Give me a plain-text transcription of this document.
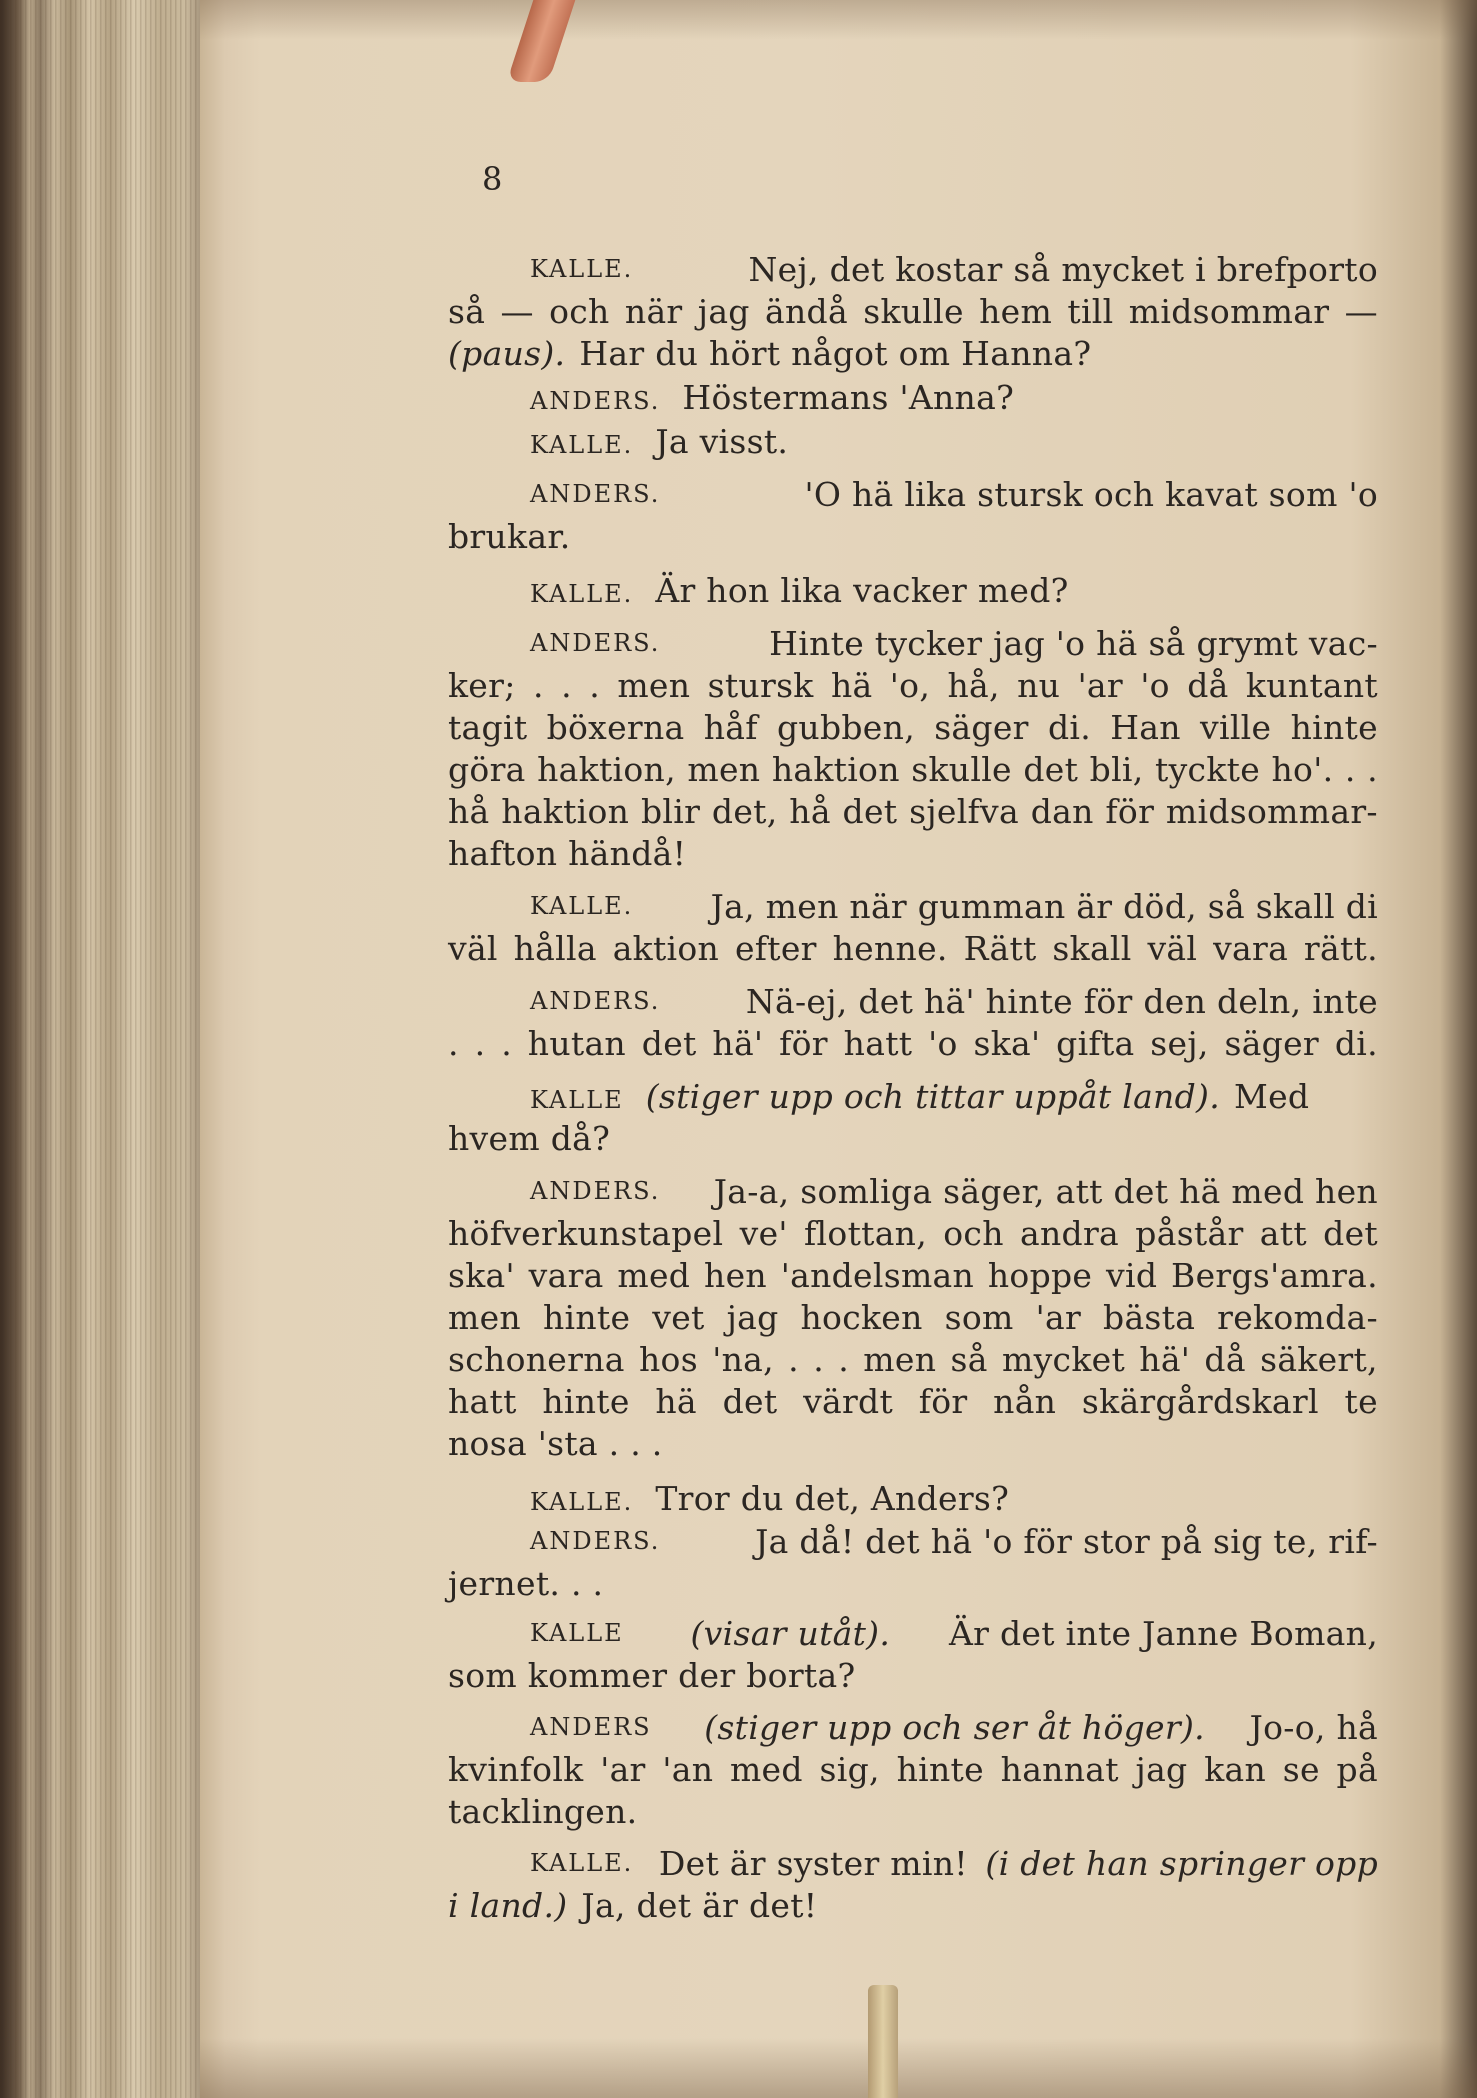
8
KALLE.	Nej, det kostar så mycket i brefporto
så — och när jag ändå skulle hem till midsommar —
(paus). Har du hört något om Hanna?
ANDERS. Höstermans 'Anna?
KALLE. Ja visst.
ANDERS.	'O hä lika stursk och kavat som 'o
brukar.
KALLE. Är hon lika vacker med?
ANDERS.	Hinte tycker jag 'o hä så grymt vac-
ker; . . . men stursk hä 'o, hå, nu 'ar 'o då kuntant
tagit böxerna håf gubben, säger di. Han ville hinte
göra haktion, men haktion skulle det bli, tyckte ho'. . .
hå haktion blir det, hå det sjelfva dan för midsommar-
hafton händå!
KALLE. Ja, men när gumman är död, så skall di
väl hålla aktion efter henne. Rätt skall väl vara rätt.
ANDERS.	Nä-ej, det hä' hinte för den deln, inte
. . . hutan det hä' för hatt 'o ska' gifta sej, säger di.
KALLE (stiger upp och tittar uppåt land). Med
hvem då?
ANDERS. Ja-a, somliga säger, att det hä med hen
höfverkunstapel ve' flottan, och andra påstår att det
ska' vara med hen 'andelsman hoppe vid Bergs'amra.
men hinte vet jag hocken som 'ar bästa rekomda-
schonerna hos 'na, . . . men så mycket hä' då säkert,
hatt hinte hä det värdt för nån skärgårdskarl te
nosa 'sta . . .
KALLE. Tror du det, Anders?
ANDERS.	Ja då! det hä 'o för stor på sig te, rif-
jernet. . .
KALLE (visar utåt). Är det inte Janne Boman,
som kommer der borta?
ANDERS (stiger upp och ser åt höger). Jo-o, hå
kvinfolk 'ar 'an med sig, hinte hannat jag kan se på
tacklingen.
KALLE. Det är syster min! (i det han springer opp
i land.) Ja, det är det!
